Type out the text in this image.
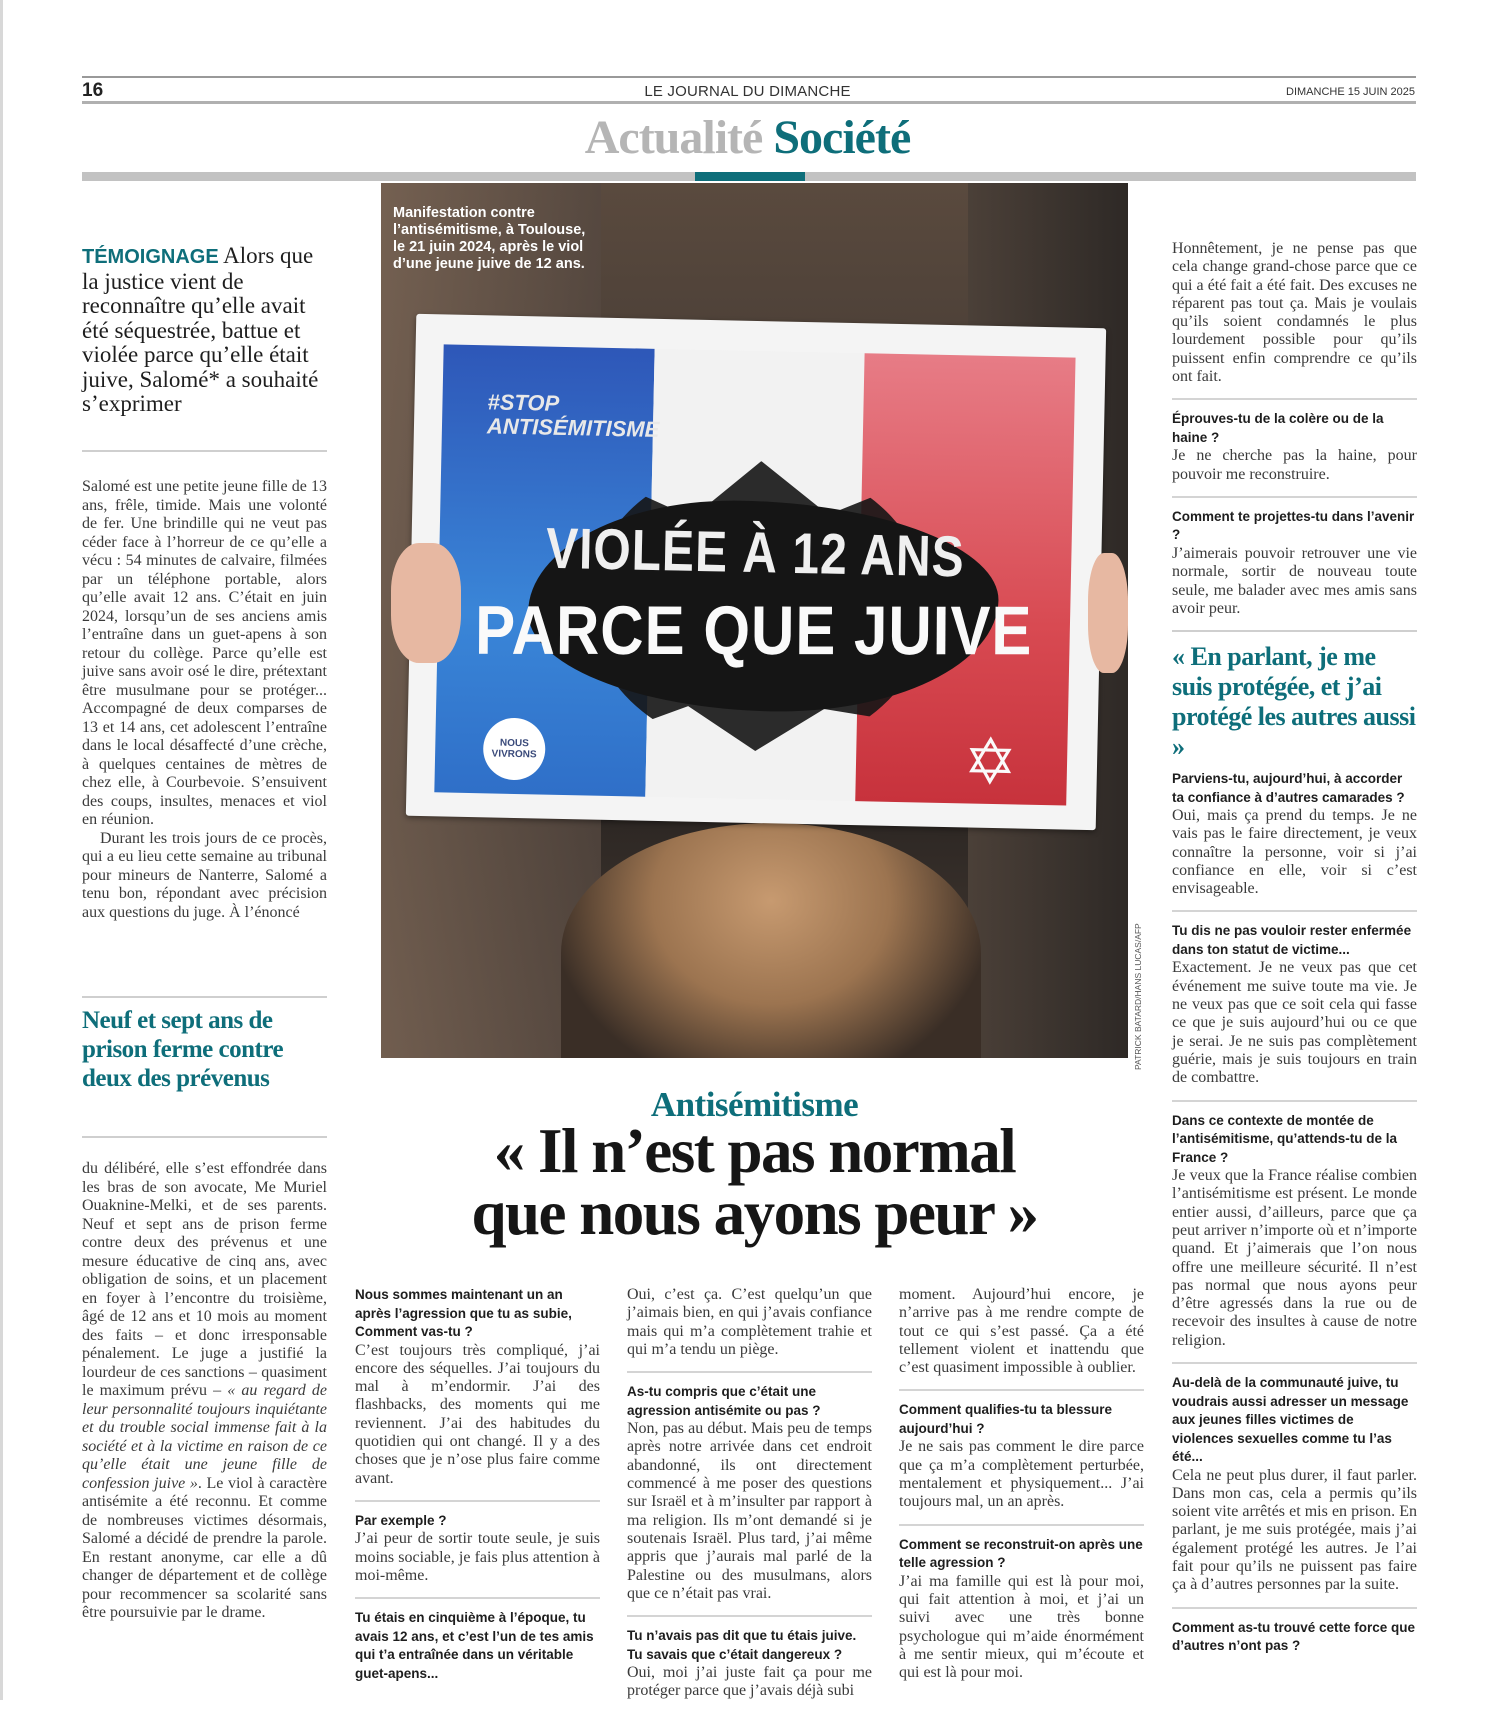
16	LE JOURNAL DU DIMANCHE	DIMANCHE 15 JUIN 2025
Actualité Société
TÉMOIGNAGE Alors que la justice vient de reconnaître qu’elle avait été séquestrée, battue et violée parce qu’elle était juive, Salomé* a souhaité s’exprimer

Salomé est une petite jeune fille de 13 ans, frêle, timide. Mais une volonté de fer. Une brindille qui ne veut pas céder face à l’horreur de ce qu’elle a vécu : 54 minutes de calvaire, filmées par un téléphone portable, alors qu’elle avait 12 ans. C’était en juin 2024, lorsqu’un de ses anciens amis l’entraîne dans un guet-apens à son retour du collège. Parce qu’elle est juive sans avoir osé le dire, prétextant être musulmane pour se protéger... Accompagné de deux comparses de 13 et 14 ans, cet adolescent l’entraîne dans le local désaffecté d’une crèche, à quelques centaines de mètres de chez elle, à Courbevoie. S’ensuivent des coups, insultes, menaces et viol en réunion.

Durant les trois jours de ce procès, qui a eu lieu cette semaine au tribunal pour mineurs de Nanterre, Salomé a tenu bon, répondant avec précision aux questions du juge. À l’énoncé

Neuf et sept ans de prison ferme contre deux des prévenus

du délibéré, elle s’est effondrée dans les bras de son avocate, Me Muriel Ouaknine-Melki, et de ses parents. Neuf et sept ans de prison ferme contre deux des prévenus et une mesure éducative de cinq ans, avec obligation de soins, et un placement en foyer à l’encontre du troisième, âgé de 12 ans et 10 mois au moment des faits – et donc irresponsable pénalement. Le juge a justifié la lourdeur de ces sanctions – quasiment le maximum prévu – « au regard de leur personnalité toujours inquiétante et du trouble social immense fait à la société et à la victime en raison de ce qu’elle était une jeune fille de confession juive ». Le viol à caractère antisémite a été reconnu. Et comme de nombreuses victimes désormais, Salomé a décidé de prendre la parole. En restant anonyme, car elle a dû changer de département et de collège pour recommencer sa scolarité sans être poursuivie par le drame.

#STOP
ANTISÉMITISME
VIOLÉE À 12 ANS
PARCE QUE JUIVE
NOUS VIVRONS	✡
Manifestation contre l’antisémitisme, à Toulouse, le 21 juin 2024, après le viol d’une jeune juive de 12 ans.
PATRICK BATARD/HANS LUCAS/AFP
Antisémitisme
« Il n’est pas normal
que nous ayons peur »
Nous sommes maintenant un an après l’agression que tu as subie, Comment vas-tu ?

C’est toujours très compliqué, j’ai encore des séquelles. J’ai toujours du mal à m’endormir. J’ai des flashbacks, des moments qui me reviennent. J’ai des habitudes du quotidien qui ont changé. Il y a des choses que je n’ose plus faire comme avant.

Par exemple ?

J’ai peur de sortir toute seule, je suis moins sociable, je fais plus attention à moi-même.

Tu étais en cinquième à l’époque, tu avais 12 ans, et c’est l’un de tes amis qui t’a entraînée dans un véritable guet-apens...

Oui, c’est ça. C’est quelqu’un que j’aimais bien, en qui j’avais confiance mais qui m’a complètement trahie et qui m’a tendu un piège.

As-tu compris que c’était une agression antisémite ou pas ?

Non, pas au début. Mais peu de temps après notre arrivée dans cet endroit abandonné, ils ont directement commencé à me poser des questions sur Israël et à m’insulter par rapport à ma religion. Ils m’ont demandé si je soutenais Israël. Plus tard, j’ai même appris que j’aurais mal parlé de la Palestine ou des musulmans, alors que ce n’était pas vrai.

Tu n’avais pas dit que tu étais juive. Tu savais que c’était dangereux ?

Oui, moi j’ai juste fait ça pour me protéger parce que j’avais déjà subi

moment. Aujourd’hui encore, je n’arrive pas à me rendre compte de tout ce qui s’est passé. Ça a été tellement violent et inattendu que c’est quasiment impossible à oublier.

Comment qualifies-tu ta blessure aujourd’hui ?

Je ne sais pas comment le dire parce que ça m’a complètement perturbée, mentalement et physiquement... J’ai toujours mal, un an après.

Comment se reconstruit-on après une telle agression ?

J’ai ma famille qui est là pour moi, qui fait attention à moi, et j’ai un suivi avec une très bonne psychologue qui m’aide énormément à me sentir mieux, qui m’écoute et qui est là pour moi.

Honnêtement, je ne pense pas que cela change grand-chose parce que ce qui a été fait a été fait. Des excuses ne réparent pas tout ça. Mais je voulais qu’ils soient condamnés le plus lourdement possible pour qu’ils puissent enfin comprendre ce qu’ils ont fait.

Éprouves-tu de la colère ou de la haine ?

Je ne cherche pas la haine, pour pouvoir me reconstruire.

Comment te projettes-tu dans l’avenir ?

J’aimerais pouvoir retrouver une vie normale, sortir de nouveau toute seule, me balader avec mes amis sans avoir peur.

« En parlant, je me suis protégée, et j’ai protégé les autres aussi »
Parviens-tu, aujourd’hui, à accorder ta confiance à d’autres camarades ?

Oui, mais ça prend du temps. Je ne vais pas le faire directement, je veux connaître la personne, voir si j’ai confiance en elle, voir si c’est envisageable.

Tu dis ne pas vouloir rester enfermée dans ton statut de victime...

Exactement. Je ne veux pas que cet événement me suive toute ma vie. Je ne veux pas que ce soit cela qui fasse ce que je suis aujourd’hui ou ce que je serai. Je ne suis pas complètement guérie, mais je suis toujours en train de combattre.

Dans ce contexte de montée de l’antisémitisme, qu’attends-tu de la France ?

Je veux que la France réalise combien l’antisémitisme est présent. Le monde entier aussi, d’ailleurs, parce que ça peut arriver n’importe où et n’importe quand. Et j’aimerais que l’on nous offre une meilleure sécurité. Il n’est pas normal que nous ayons peur d’être agressés dans la rue ou de recevoir des insultes à cause de notre religion.

Au-delà de la communauté juive, tu voudrais aussi adresser un message aux jeunes filles victimes de violences sexuelles comme tu l’as été...

Cela ne peut plus durer, il faut parler. Dans mon cas, cela a permis qu’ils soient vite arrêtés et mis en prison. En parlant, je me suis protégée, mais j’ai également protégé les autres. Je l’ai fait pour qu’ils ne puissent pas faire ça à d’autres personnes par la suite.

Comment as-tu trouvé cette force que d’autres n’ont pas ?
